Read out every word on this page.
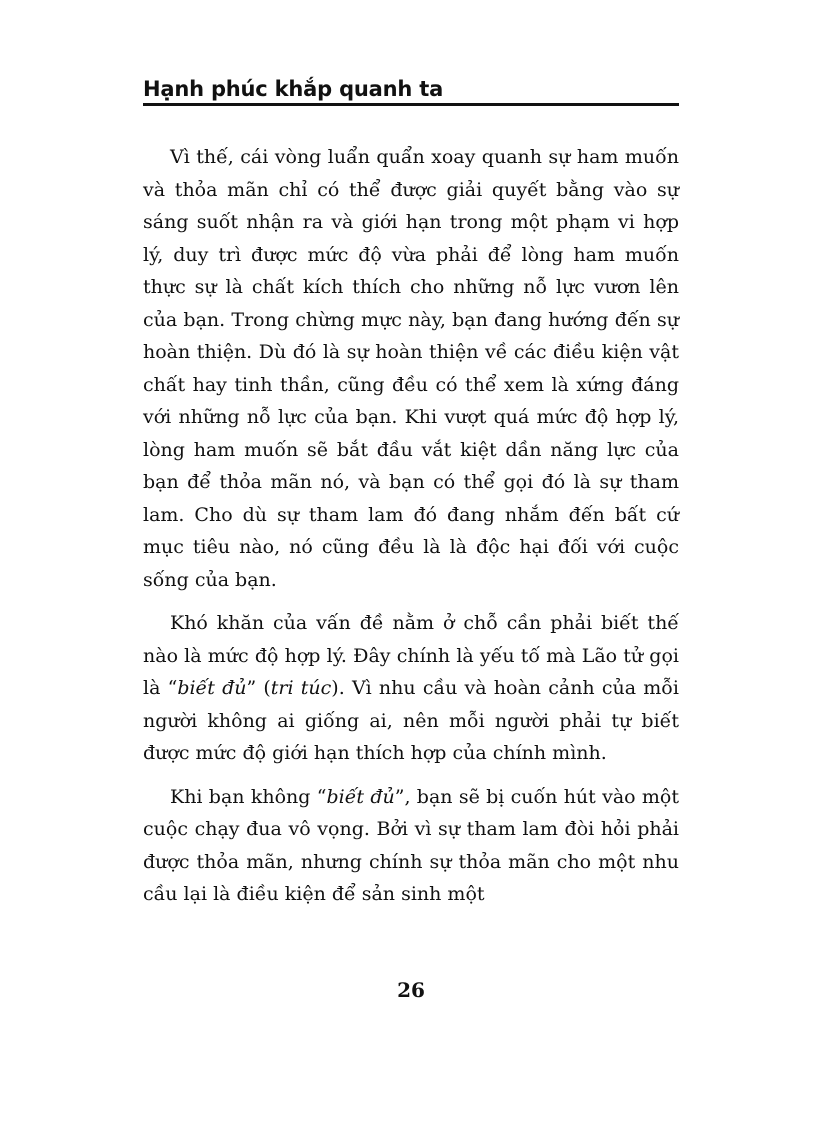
Hạnh phúc khắp quanh ta

Vì thế, cái vòng luẩn quẩn xoay quanh sự ham muốn và thỏa mãn chỉ có thể được giải quyết bằng vào sự sáng suốt nhận ra và giới hạn trong một phạm vi hợp lý, duy trì được mức độ vừa phải để lòng ham muốn thực sự là chất kích thích cho những nỗ lực vươn lên của bạn. Trong chừng mực này, bạn đang hướng đến sự hoàn thiện. Dù đó là sự hoàn thiện về các điều kiện vật chất hay tinh thần, cũng đều có thể xem là xứng đáng với những nỗ lực của bạn. Khi vượt quá mức độ hợp lý, lòng ham muốn sẽ bắt đầu vắt kiệt dần năng lực của bạn để thỏa mãn nó, và bạn có thể gọi đó là sự tham lam. Cho dù sự tham lam đó đang nhắm đến bất cứ mục tiêu nào, nó cũng đều là là độc hại đối với cuộc sống của bạn.

Khó khăn của vấn đề nằm ở chỗ cần phải biết thế nào là mức độ hợp lý. Đây chính là yếu tố mà Lão tử gọi là “biết đủ” (tri túc). Vì nhu cầu và hoàn cảnh của mỗi người không ai giống ai, nên mỗi người phải tự biết được mức độ giới hạn thích hợp của chính mình.

Khi bạn không “biết đủ”, bạn sẽ bị cuốn hút vào một cuộc chạy đua vô vọng. Bởi vì sự tham lam đòi hỏi phải được thỏa mãn, nhưng chính sự thỏa mãn cho một nhu cầu lại là điều kiện để sản sinh một

26
